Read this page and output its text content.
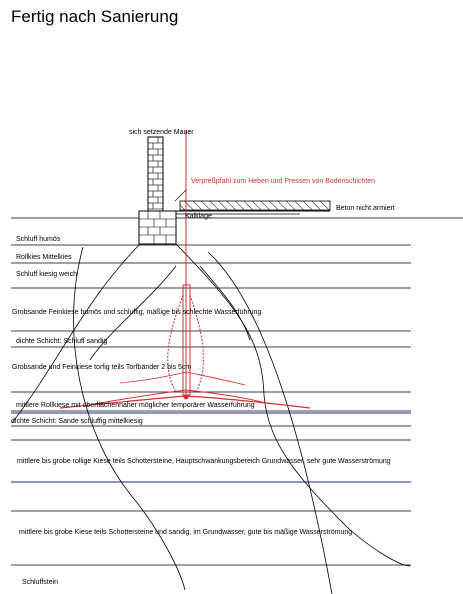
Fertig nach Sanierung
sich setzende Mauer
Verpreßpfahl zum Heben und Pressen von Bodenschichten
Beton nicht armiert
Kalklage
Schluff humös
Rollkies Mittelkies
Schluff kiesig weich
Grobsande Feinkiese humös und schluffig, mäßige bis schlechte Wasserführung
dichte Schicht: Schluff sandig
Grobsande und Feinkiese torfig teils Torfbänder 2 bis 5cm
mittlere Rollkiese mit oberflächennaher möglicher temporärer Wasserführung
dichte Schicht: Sande schluffig mittelkiesig
mittlere bis grobe rollige Kiese teils Schottersteine, Hauptschwankungsbereich Grundwasser, sehr gute Wasserströmung
mittlere bis grobe Kiese teils Schottersteine und sandig, im Grundwasser, gute bis mäßige Wasserströmung
Schluffstein
